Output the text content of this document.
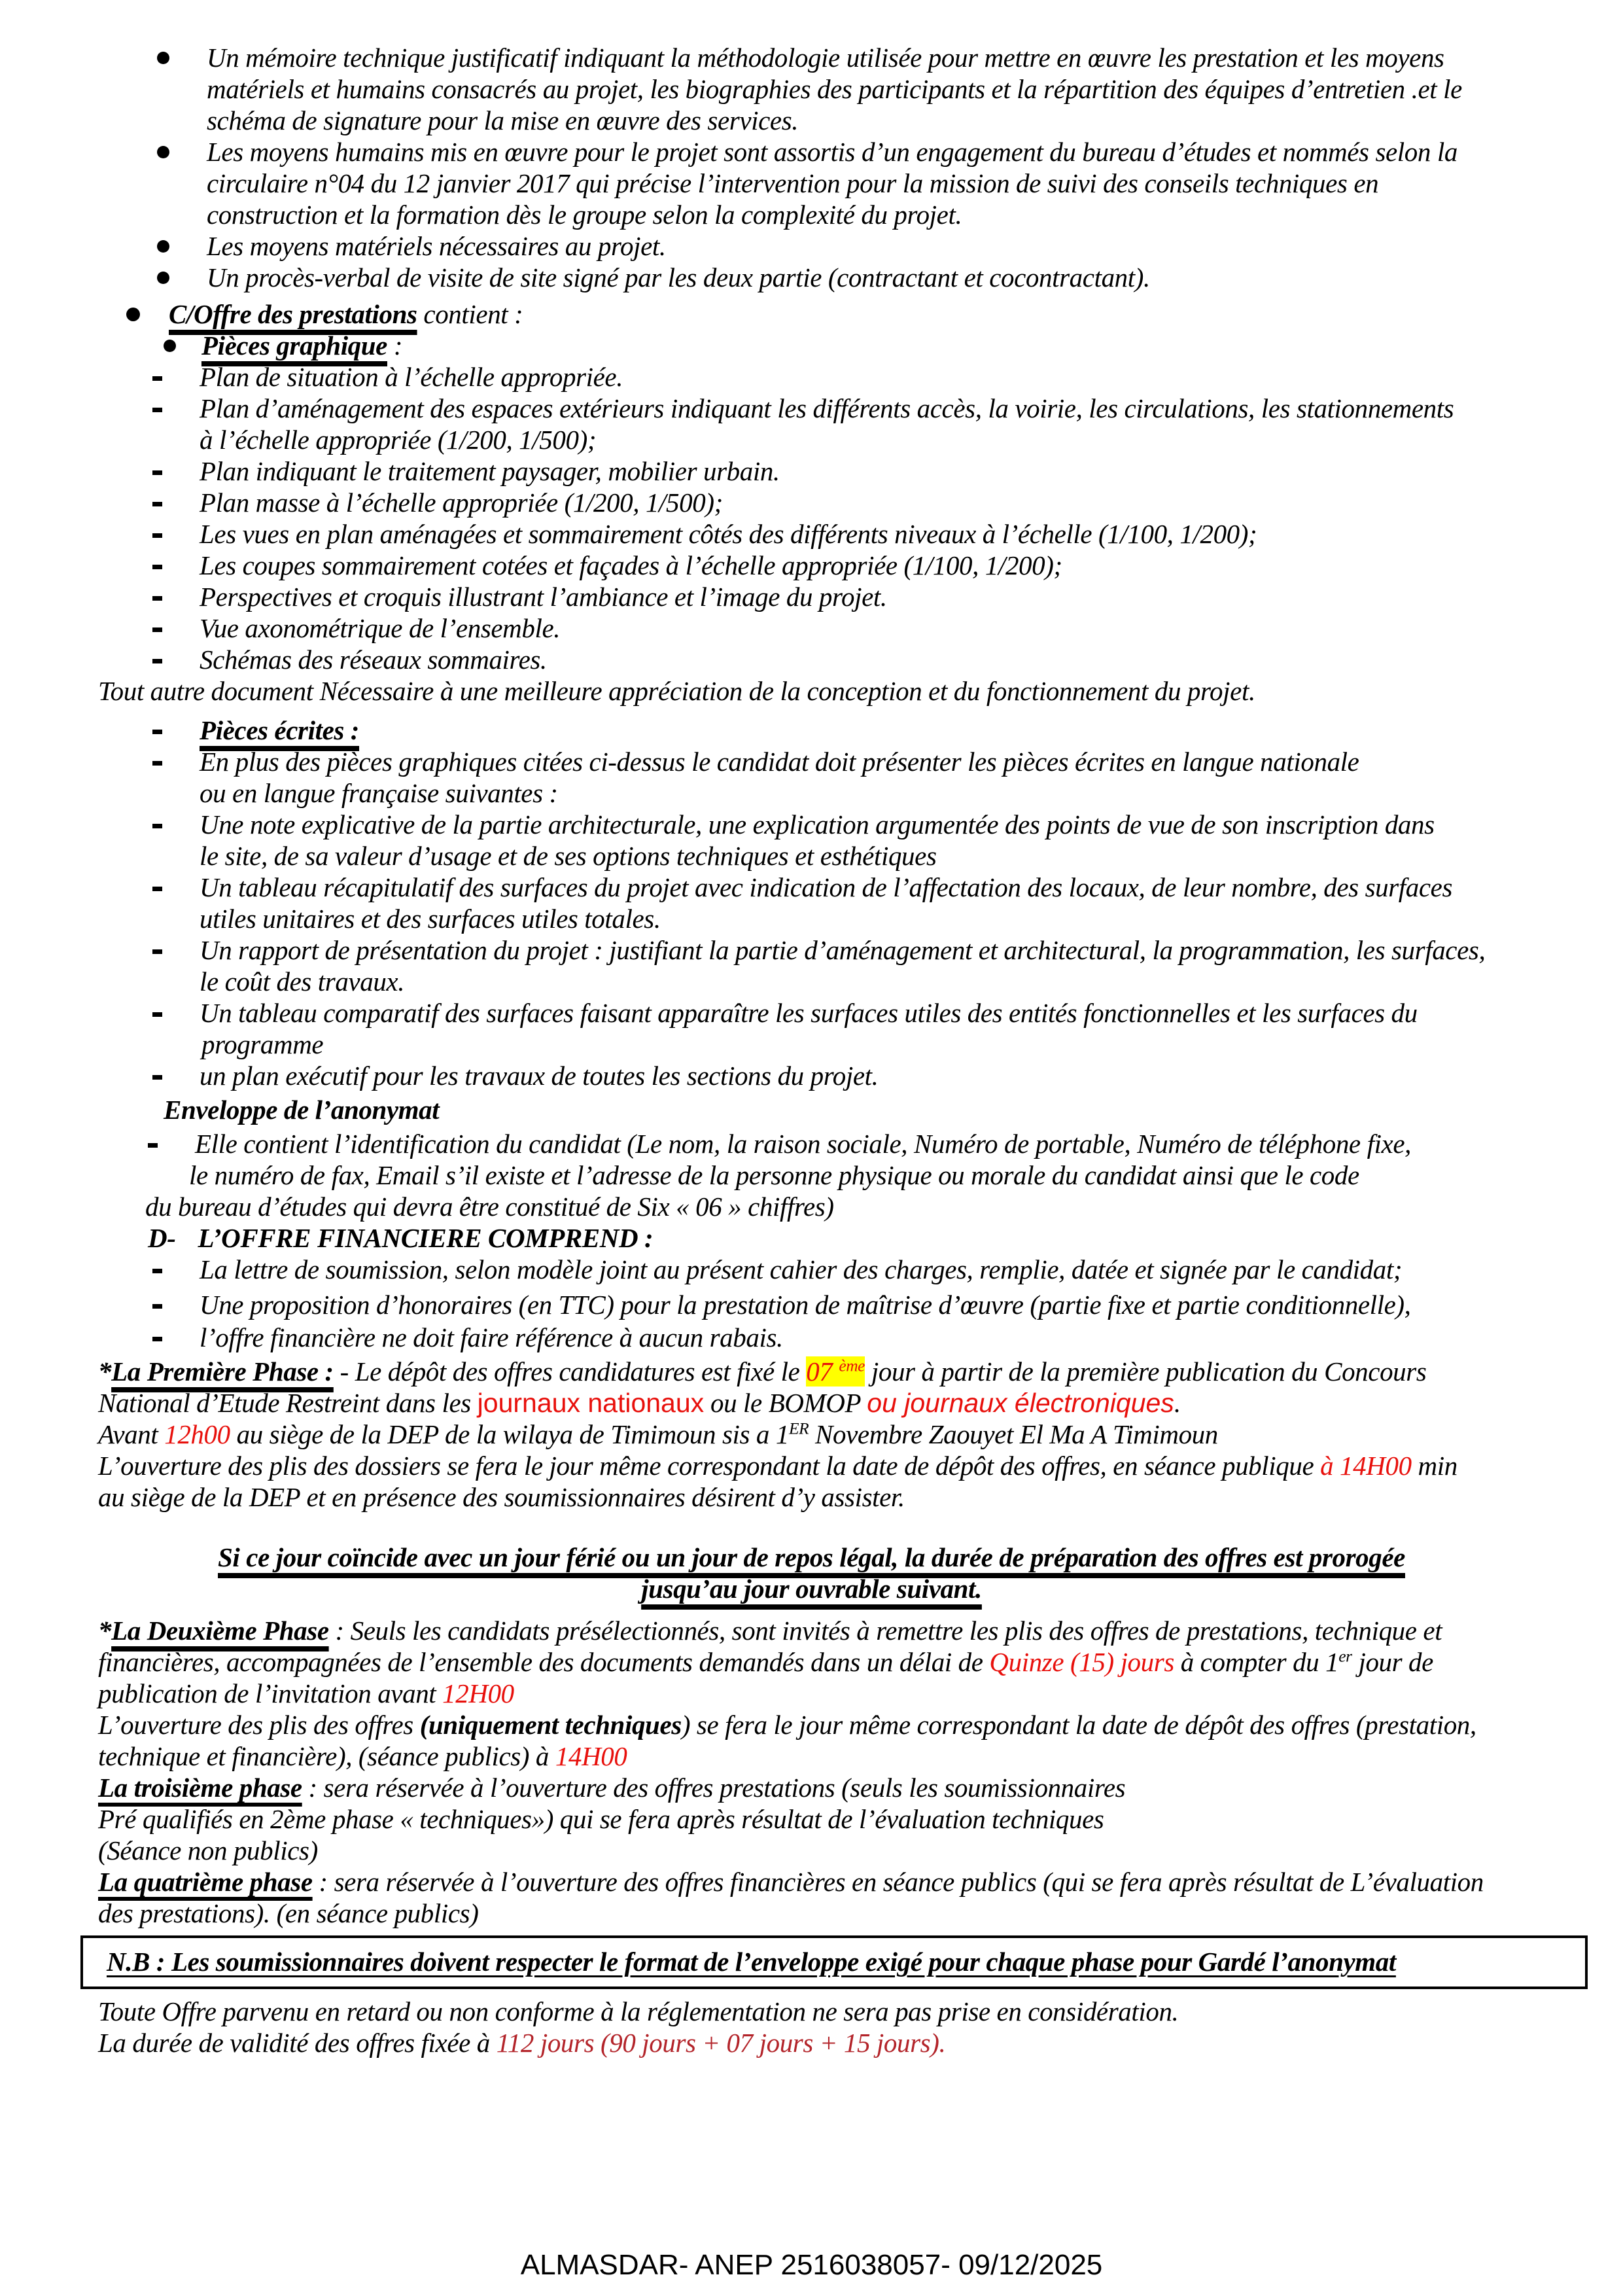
Un mémoire technique justificatif indiquant la méthodologie utilisée pour mettre en œuvre les prestation et les moyens
matériels et humains consacrés au projet, les biographies des participants et la répartition des équipes d’entretien .et le
schéma de signature pour la mise en œuvre des services.
Les moyens humains mis en œuvre pour le projet sont assortis d’un engagement du bureau d’études et nommés selon la
circulaire n°04 du 12 janvier 2017 qui précise l’intervention pour la mission de suivi des conseils techniques en
construction et la formation dès le groupe selon la complexité du projet.
Les moyens matériels nécessaires au projet.
Un procès-verbal de visite de site signé par les deux partie (contractant et cocontractant).
C/Offre des prestations contient :
Pièces graphique :
Plan de situation à l’échelle appropriée.
Plan d’aménagement des espaces extérieurs indiquant les différents accès, la voirie, les circulations, les stationnements
à l’échelle appropriée (1/200, 1/500);
Plan indiquant le traitement paysager, mobilier urbain.
Plan masse à l’échelle appropriée (1/200, 1/500);
Les vues en plan aménagées et sommairement côtés des différents niveaux à l’échelle (1/100, 1/200);
Les coupes sommairement cotées et façades à l’échelle appropriée (1/100, 1/200);
Perspectives et croquis illustrant l’ambiance et l’image du projet.
Vue axonométrique de l’ensemble.
Schémas des réseaux sommaires.
Tout autre document Nécessaire à une meilleure appréciation de la conception et du fonctionnement du projet.
Pièces écrites :
En plus des pièces graphiques citées ci-dessus le candidat doit présenter les pièces écrites en langue nationale
ou en langue française suivantes :
Une note explicative de la partie architecturale, une explication argumentée des points de vue de son inscription dans
le site, de sa valeur d’usage et de ses options techniques et esthétiques
Un tableau récapitulatif des surfaces du projet avec indication de l’affectation des locaux, de leur nombre, des surfaces
utiles unitaires et des surfaces utiles totales.
Un rapport de présentation du projet : justifiant la partie d’aménagement et architectural, la programmation, les surfaces,
le coût des travaux.
Un tableau comparatif des surfaces faisant apparaître les surfaces utiles des entités fonctionnelles et les surfaces du
programme
un plan exécutif pour les travaux de toutes les sections du projet.
Enveloppe de l’anonymat
Elle contient l’identification du candidat (Le nom, la raison sociale, Numéro de portable, Numéro de téléphone fixe,
le numéro de fax, Email s’il existe et l’adresse de la personne physique ou morale du candidat ainsi que le code
du bureau d’études qui devra être constitué de Six « 06 » chiffres)
D- L’OFFRE FINANCIERE COMPREND :
La lettre de soumission, selon modèle joint au présent cahier des charges, remplie, datée et signée par le candidat;
Une proposition d’honoraires (en TTC) pour la prestation de maîtrise d’œuvre (partie fixe et partie conditionnelle),
l’offre financière ne doit faire référence à aucun rabais.
*La Première Phase : - Le dépôt des offres candidatures est fixé le 07 $^{ème}$ jour à partir de la première publication du Concours
National d’Etude Restreint dans les journaux nationaux ou le BOMOP ou journaux électroniques.
Avant 12h00 au siège de la DEP de la wilaya de Timimoun sis a 1ER Novembre Zaouyet El Ma A Timimoun
L’ouverture des plis des dossiers se fera le jour même correspondant la date de dépôt des offres, en séance publique à 14H00 min
au siège de la DEP et en présence des soumissionnaires désirent d’y assister.
Si ce jour coïncide avec un jour férié ou un jour de repos légal, la durée de préparation des offres est prorogée
jusqu’au jour ouvrable suivant.
*La Deuxième Phase : Seuls les candidats présélectionnés, sont invités à remettre les plis des offres de prestations, technique et
financières, accompagnées de l’ensemble des documents demandés dans un délai de Quinze (15) jours à compter du 1er jour de
publication de l’invitation avant 12H00
L’ouverture des plis des offres (uniquement techniques) se fera le jour même correspondant la date de dépôt des offres (prestation,
technique et financière), (séance publics) à 14H00
La troisième phase : sera réservée à l’ouverture des offres prestations (seuls les soumissionnaires
Pré qualifiés en 2ème phase « techniques») qui se fera après résultat de l’évaluation techniques
(Séance non publics)
La quatrième phase : sera réservée à l’ouverture des offres financières en séance publics (qui se fera après résultat de L’évaluation
des prestations). (en séance publics)
N.B : Les soumissionnaires doivent respecter le format de l’enveloppe exigé pour chaque phase pour Gardé l’anonymat
Toute Offre parvenu en retard ou non conforme à la réglementation ne sera pas prise en considération.
La durée de validité des offres fixée à 112 jours (90 jours + 07 jours + 15 jours).
ALMASDAR- ANEP 2516038057- 09/12/2025
